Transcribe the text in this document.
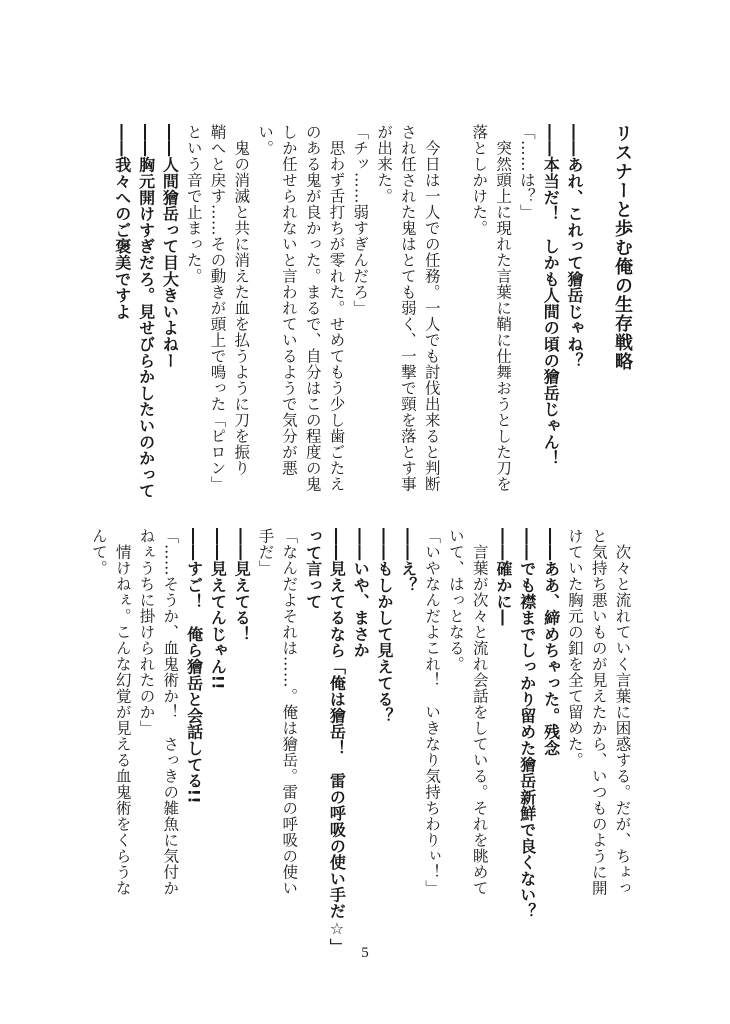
リスナーと歩む俺の生存戦略
――あれ、これって獪岳じゃね？
――本当だ！　しかも人間の頃の獪岳じゃん！
「……は？」
　突然頭上に現れた言葉に鞘に仕舞おうとした刀を
落としかけた。
　今日は一人での任務。一人でも討伐出来ると判断
され任された鬼はとても弱く、一撃で頸を落とす事
が出来た。
「チッ……弱すぎんだろ」
　思わず舌打ちが零れた。せめてもう少し歯ごたえ
のある鬼が良かった。まるで、自分はこの程度の鬼
しか任せられないと言われているようで気分が悪
い。
　鬼の消滅と共に消えた血を払うように刀を振り
鞘へと戻す……その動きが頭上で鳴った「ピロン」
という音で止まった。
――人間獪岳って目大きいよねー
――胸元開けすぎだろ。見せびらかしたいのかって
――我々へのご褒美ですよ
　次々と流れていく言葉に困惑する。だが、ちょっ
と気持ち悪いものが見えたから、いつものように開
けていた胸元の釦を全て留めた。
――ああ、締めちゃった。残念
――でも襟までしっかり留めた獪岳新鮮で良くない？
――確かに―
　言葉が次々と流れ会話をしている。それを眺めて
いて、はっとなる。
「いやなんだよこれ！　いきなり気持ちわりぃ！」
――え？
――もしかして見えてる？
――いや、まさか
――見えてるなら「俺は獪岳！　雷の呼吸の使い手だ☆」
って言って
「なんだよそれは……。俺は獪岳。雷の呼吸の使い
手だ」
――見えてる！
――見えてんじゃん!!
――すご！　俺ら獪岳と会話してる!!
「……そうか、血鬼術か！　さっきの雑魚に気付か
ねぇうちに掛けられたのか」
　情けねぇ。こんな幻覚が見える血鬼術をくらうな
んて。
5
